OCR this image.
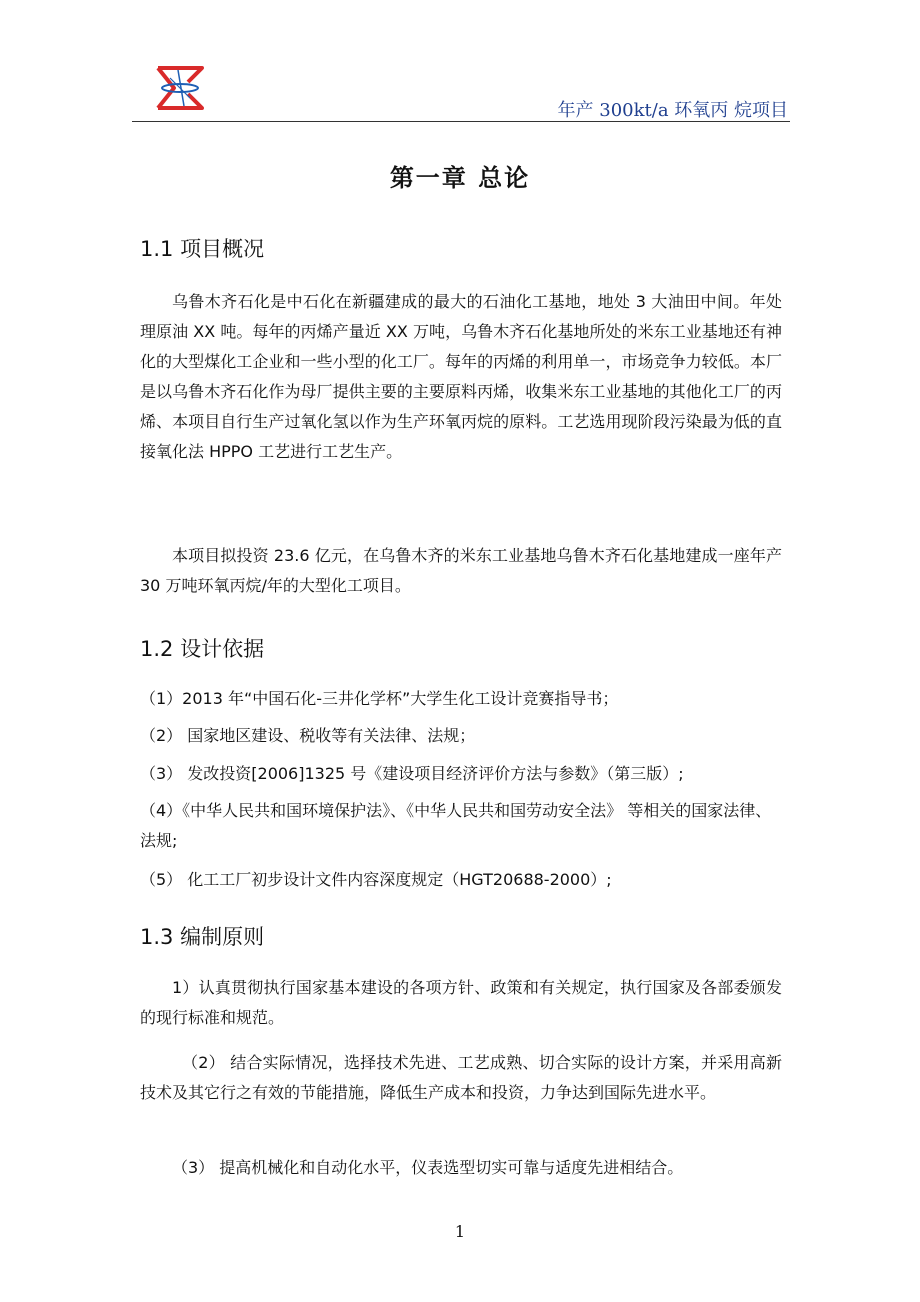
年产 300kt/a 环氧丙 烷项目
第一章 总论
1.1 项目概况
乌鲁木齐石化是中石化在新疆建成的最大的石油化工基地，地处 3 大油田中间。年处理原油 XX 吨。每年的丙烯产量近 XX 万吨，乌鲁木齐石化基地所处的米东工业基地还有神化的大型煤化工企业和一些小型的化工厂。每年的丙烯的利用单一，市场竞争力较低。本厂是以乌鲁木齐石化作为母厂提供主要的主要原料丙烯，收集米东工业基地的其他化工厂的丙烯、本项目自行生产过氧化氢以作为生产环氧丙烷的原料。工艺选用现阶段污染最为低的直接氧化法 HPPO 工艺进行工艺生产。
本项目拟投资 23.6 亿元，在乌鲁木齐的米东工业基地乌鲁木齐石化基地建成一座年产 30 万吨环氧丙烷/年的大型化工项目。
1.2 设计依据
（1）2013 年“中国石化-三井化学杯”大学生化工设计竞赛指导书；
（2） 国家地区建设、税收等有关法律、法规；
（3） 发改投资[2006]1325 号《建设项目经济评价方法与参数》（第三版）;
（4）《中华人民共和国环境保护法》、《中华人民共和国劳动安全法》 等相关的国家法律、法规;
（5） 化工工厂初步设计文件内容深度规定（HGT20688-2000）;
1.3 编制原则
1）认真贯彻执行国家基本建设的各项方针、政策和有关规定，执行国家及各部委颁发的现行标准和规范。
（2） 结合实际情况，选择技术先进、工艺成熟、切合实际的设计方案，并采用高新技术及其它行之有效的节能措施，降低生产成本和投资，力争达到国际先进水平。
（3） 提高机械化和自动化水平，仪表选型切实可靠与适度先进相结合。
1
